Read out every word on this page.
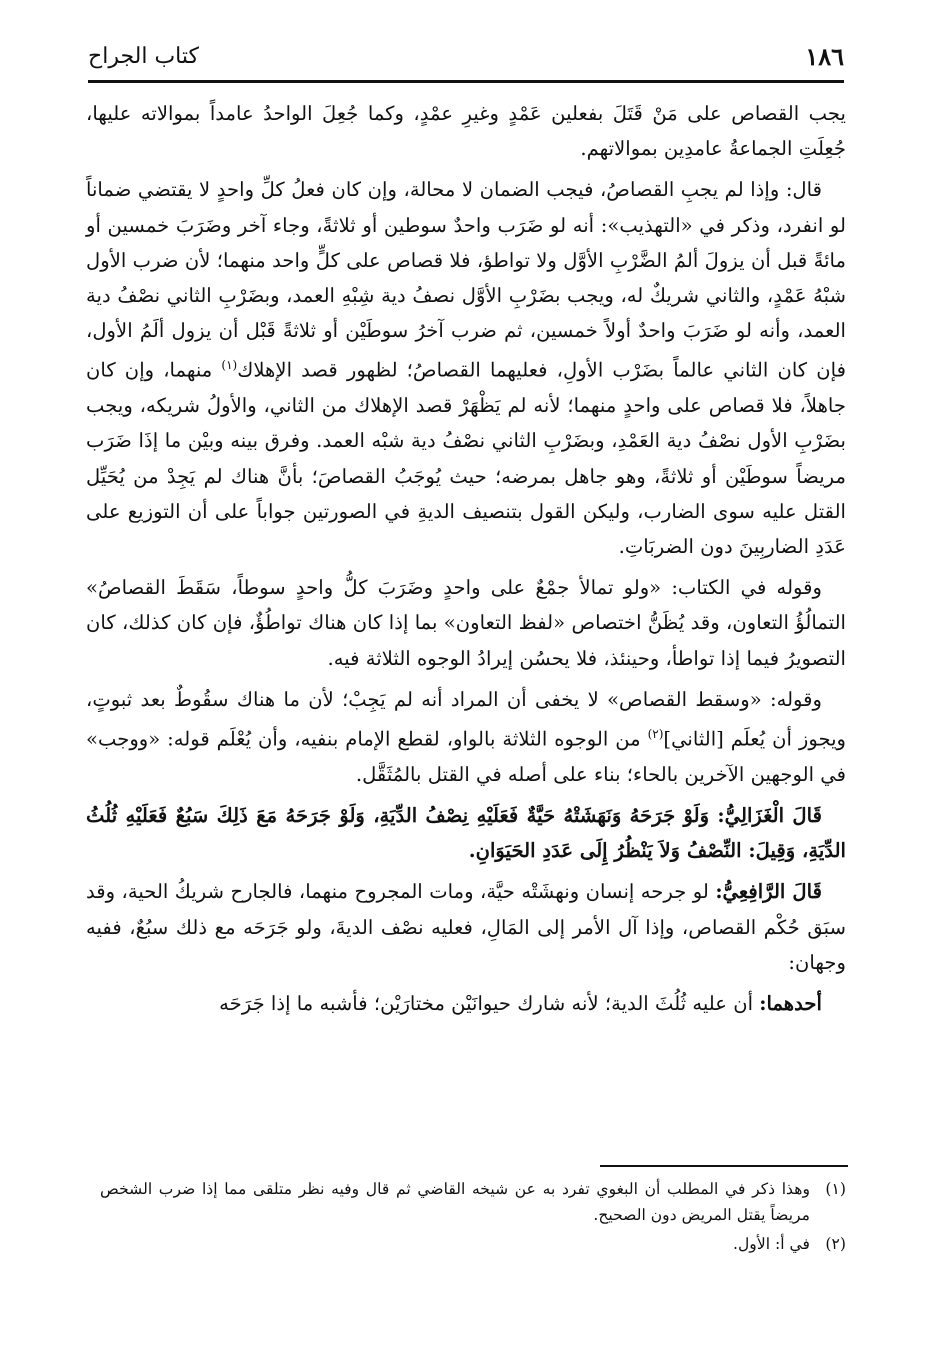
١٨٦
كتاب الجراح

يجب القصاص على مَنْ قَتَلَ بفعلين عَمْدٍ وغيرِ عمْدٍ، وكما جُعِلَ الواحدُ عامداً بموالاته عليها، جُعِلَتِ الجماعةُ عامدِين بموالاتهم.

قال: وإذا لم يجبِ القصاصُ، فيجب الضمان لا محالة، وإن كان فعلُ كلِّ واحدٍ لا يقتضي ضماناً لو انفرد، وذكر في «التهذيب»: أنه لو ضَرَب واحدٌ سوطين أو ثلاثةً، وجاء آخر وضَرَبَ خمسين أو مائةً قبل أن يزولَ ألمُ الضَّرْبِ الأوَّل ولا تواطؤ، فلا قصاص على كلٍّ واحد منهما؛ لأن ضرب الأول شبْهُ عَمْدٍ، والثاني شريكٌ له، ويجب بضَرْبِ الأوَّل نصفُ دية شِبْهِ العمد، وبضَرْبِ الثاني نصْفُ دية العمد، وأنه لو ضَرَبَ واحدٌ أولاً خمسين، ثم ضرب آخرُ سوطَيْن أو ثلاثةً قَبْل أن يزول ألَمُ الأول، فإن كان الثاني عالماً بضَرْب الأولِ، فعليهما القصاصُ؛ لظهور قصد الإهلاك$^{(١)}$ منهما، وإن كان جاهلاً، فلا قصاص على واحدٍ منهما؛ لأنه لم يَظْهَرْ قصد الإهلاك من الثاني، والأولُ شريكه، ويجب بضَرْبِ الأول نصْفُ دية العَمْدِ، وبضَرْبِ الثاني نصْفُ دية شبْه العمد. وفرق بينه وبيْن ما إذَا ضَرَب مريضاً سوطَيْن أو ثلاثةً، وهو جاهل بمرضه؛ حيث يُوجَبُ القصاصَ؛ بأنَّ هناك لم يَجِدْ من يُحَيِّل القتل عليه سوى الضارب، وليكن القول بتنصيف الديةِ في الصورتين جواباً على أن التوزيع على عَدَدِ الضاربِينَ دون الضربَاتِ.

وقوله في الكتاب: «ولو تمالأ جمْعٌ على واحدٍ وضَرَبَ كلُّ واحدٍ سوطاً، سَقَطَ القصاصُ» التمالُؤُ التعاون، وقد يُظَنُّ اختصاص «لفظ التعاون» بما إذا كان هناك تواطُؤٌ، فإن كان كذلك، كان التصويرُ فيما إذا تواطأ، وحينئذ، فلا يحسُن إيرادُ الوجوه الثلاثة فيه.

وقوله: «وسقط القصاص» لا يخفى أن المراد أنه لم يَجِبْ؛ لأن ما هناك سقُوطٌ بعد ثبوتٍ، ويجوز أن يُعلَم [الثاني]$^{(٢)}$ من الوجوه الثلاثة بالواو، لقطع الإمام بنفيه، وأن يُعْلَم قوله: «ووجب» في الوجهين الآخرين بالحاء؛ بناء على أصله في القتل بالمُثَقَّل.

قَالَ الْغَزَالِيُّ: وَلَوْ جَرَحَهُ وَنَهَشَتْهُ حَيَّةٌ فَعَلَيْهِ نِصْفُ الدِّيَةِ، وَلَوْ جَرَحَهُ مَعَ ذَلِكَ سَبُعٌ فَعَلَيْهِ ثُلُثُ الدِّيَةِ، وَقِيلَ: النِّصْفُ وَلاَ يَنْظُرُ إِلَى عَدَدِ الحَيَوَانِ.

قَالَ الرَّافِعِيُّ: لو جرحه إنسان ونهشَتْه حيَّة، ومات المجروح منهما، فالجارح شريكُ الحية، وقد سبَق حُكْم القصاص، وإذا آل الأمر إلى المَالِ، فعليه نصْف الديةَ، ولو جَرَحَه مع ذلك سبُعٌ، ففيه وجهان:

أحدهما: أن عليه ثُلُثَ الدية؛ لأنه شارك حيوانَيْن مختارَيْن؛ فأشبه ما إذا جَرَحَه

(١)
وهذا ذكر في المطلب أن البغوي تفرد به عن شيخه القاضي ثم قال وفيه نظر متلقى مما إذا ضرب الشخص مريضاً يقتل المريض دون الصحيح.
(٢)
في أ: الأول.
